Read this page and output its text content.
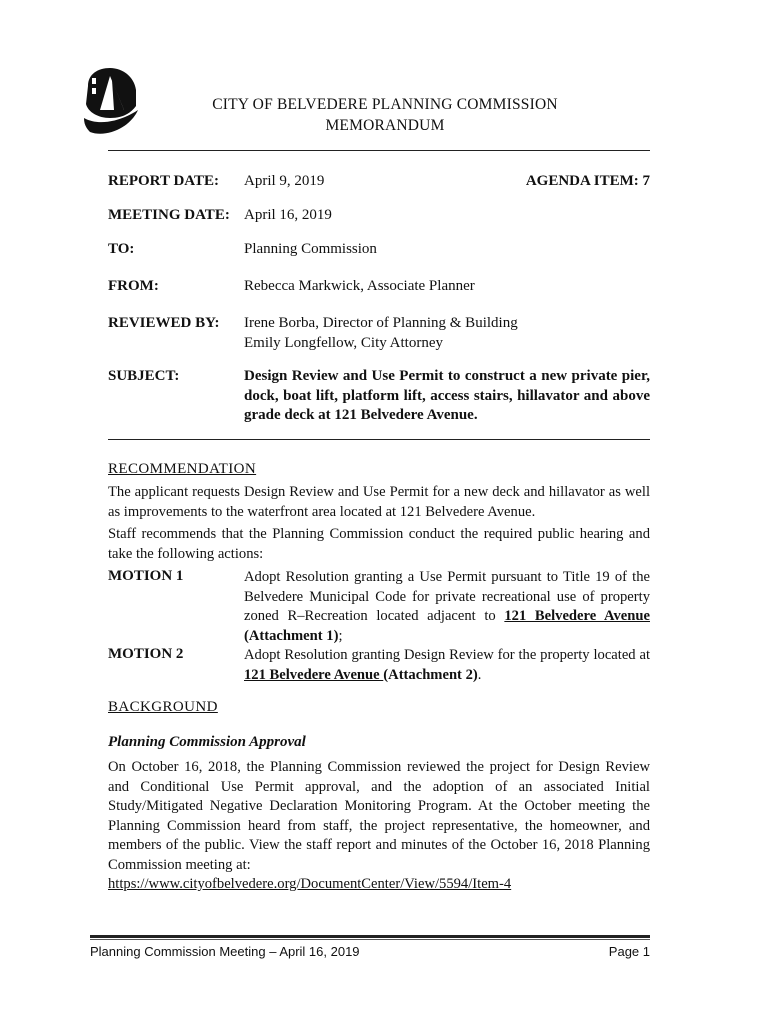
CITY OF BELVEDERE PLANNING COMMISSION
MEMORANDUM
REPORT DATE: April 9, 2019	AGENDA ITEM: 7
MEETING DATE: April 16, 2019
TO:	Planning Commission
FROM:	Rebecca Markwick, Associate Planner
REVIEWED BY: Irene Borba, Director of Planning & Building
Emily Longfellow, City Attorney
SUBJECT:	Design Review and Use Permit to construct a new private pier, dock, boat lift, platform lift, access stairs, hillavator and above grade deck at 121 Belvedere Avenue.
RECOMMENDATION
The applicant requests Design Review and Use Permit for a new deck and hillavator as well as improvements to the waterfront area located at 121 Belvedere Avenue.
Staff recommends that the Planning Commission conduct the required public hearing and take the following actions:
MOTION 1	Adopt Resolution granting a Use Permit pursuant to Title 19 of the Belvedere Municipal Code for private recreational use of property zoned R–Recreation located adjacent to 121 Belvedere Avenue (Attachment 1);
MOTION 2	Adopt Resolution granting Design Review for the property located at 121 Belvedere Avenue (Attachment 2).
BACKGROUND
Planning Commission Approval
On October 16, 2018, the Planning Commission reviewed the project for Design Review and Conditional Use Permit approval, and the adoption of an associated Initial Study/Mitigated Negative Declaration Monitoring Program. At the October meeting the Planning Commission heard from staff, the project representative, the homeowner, and members of the public. View the staff report and minutes of the October 16, 2018 Planning Commission meeting at:
https://www.cityofbelvedere.org/DocumentCenter/View/5594/Item-4
Planning Commission Meeting – April 16, 2019	Page 1
